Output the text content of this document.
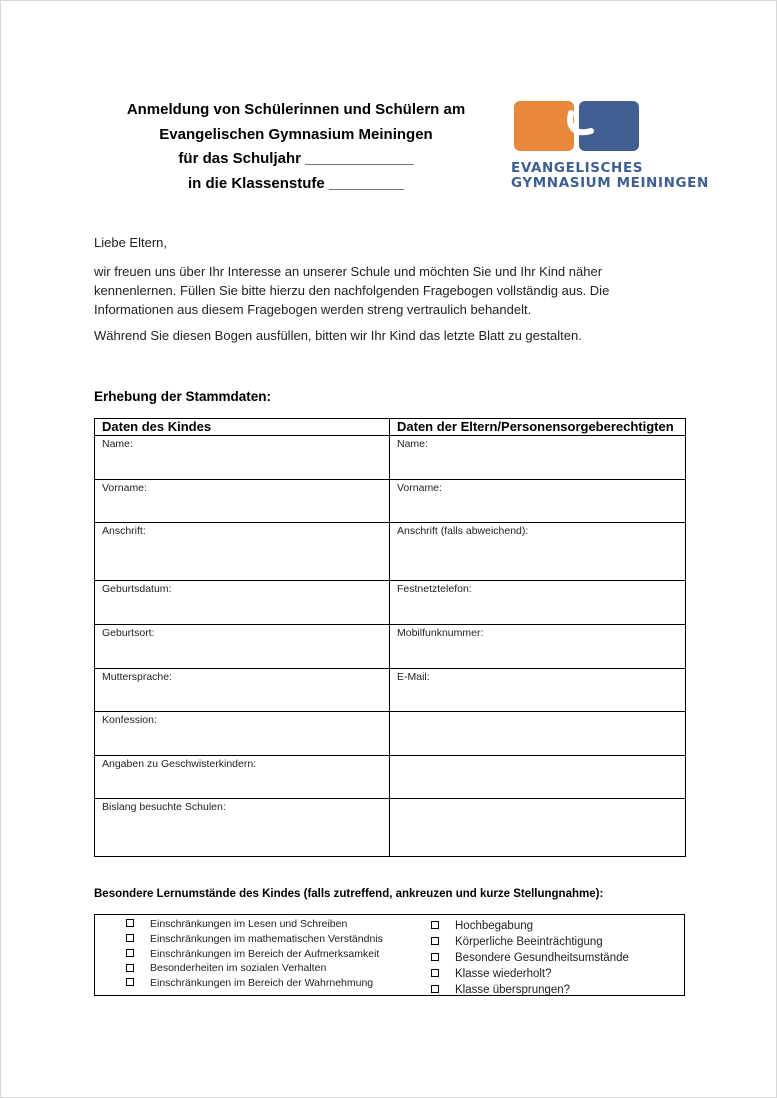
Anmeldung von Schülerinnen und Schülern am
Evangelischen Gymnasium Meiningen
für das Schuljahr _____________
in die Klassenstufe _________
EVANGELISCHES
GYMNASIUM MEININGEN

Liebe Eltern,

wir freuen uns über Ihr Interesse an unserer Schule und möchten Sie und Ihr Kind näher
kennenlernen. Füllen Sie bitte hierzu den nachfolgenden Fragebogen vollständig aus. Die
Informationen aus diesem Fragebogen werden streng vertraulich behandelt.

Während Sie diesen Bogen ausfüllen, bitten wir Ihr Kind das letzte Blatt zu gestalten.

Erhebung der Stammdaten:
Daten des Kindes	Daten der Eltern/Personensorgeberechtigten
Name:	Name:
Vorname:	Vorname:
Anschrift:	Anschrift (falls abweichend):
Geburtsdatum:	Festnetztelefon:
Geburtsort:	Mobilfunknummer:
Muttersprache:	E-Mail:
Konfession:	
Angaben zu Geschwisterkindern:	
Bislang besuchte Schulen:	
Besondere Lernumstände des Kindes (falls zutreffend, ankreuzen und kurze Stellungnahme):
Einschränkungen im Lesen und Schreiben
Einschränkungen im mathematischen Verständnis
Einschränkungen im Bereich der Aufmerksamkeit
Besonderheiten im sozialen Verhalten
Einschränkungen im Bereich der Wahrnehmung
Hochbegabung
Körperliche Beeinträchtigung
Besondere Gesundheitsumstände
Klasse wiederholt?
Klasse übersprungen?
